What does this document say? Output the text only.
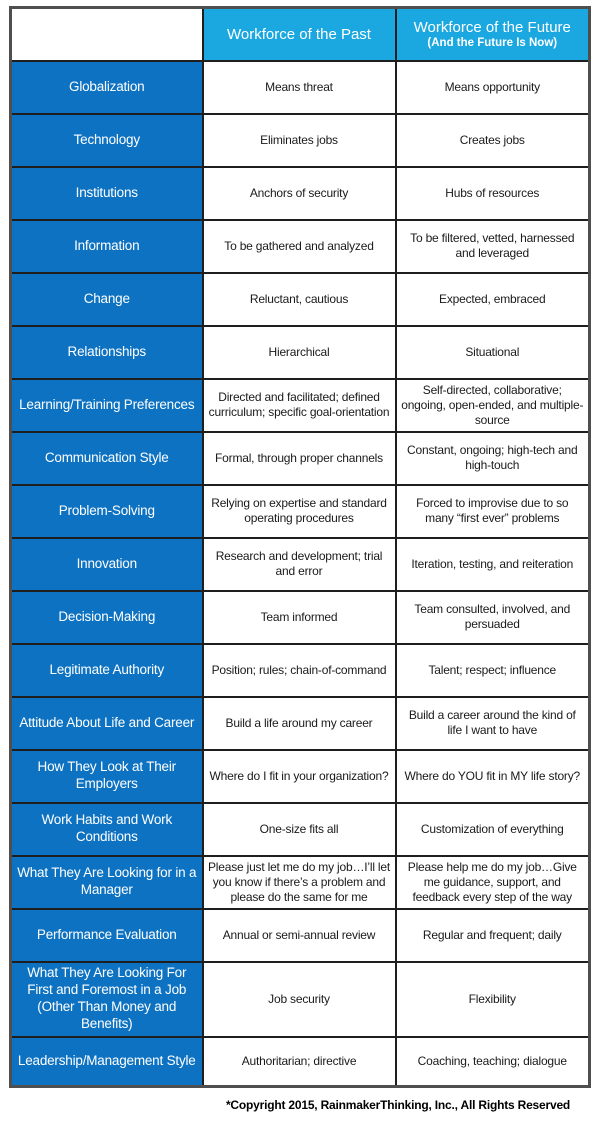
	Workforce of the Past	Workforce of the Future
(And the Future Is Now)

Globalization	Means threat	Means opportunity
Technology	Eliminates jobs	Creates jobs
Institutions	Anchors of security	Hubs of resources
Information	To be gathered and analyzed	To be filtered, vetted, harnessed and leveraged
Change	Reluctant, cautious	Expected, embraced
Relationships	Hierarchical	Situational
Learning/Training Preferences	Directed and facilitated; defined curriculum; specific goal-orientation	Self-directed, collaborative; ongoing, open-ended, and multiple-source
Communication Style	Formal, through proper channels	Constant, ongoing; high-tech and high-touch
Problem-Solving	Relying on expertise and standard operating procedures	Forced to improvise due to so many “first ever” problems
Innovation	Research and development; trial and error	Iteration, testing, and reiteration
Decision-Making	Team informed	Team consulted, involved, and persuaded
Legitimate Authority	Position; rules; chain-of-command	Talent; respect; influence
Attitude About Life and Career	Build a life around my career	Build a career around the kind of life I want to have
How They Look at Their Employers	Where do I fit in your organization?	Where do YOU fit in MY life story?
Work Habits and Work Conditions	One-size fits all	Customization of everything
What They Are Looking for in a Manager	Please just let me do my job…I’ll let you know if there’s a problem and please do the same for me	Please help me do my job…Give me guidance, support, and feedback every step of the way
Performance Evaluation	Annual or semi-annual review	Regular and frequent; daily
What They Are Looking For First and Foremost in a Job (Other Than Money and Benefits)	Job security	Flexibility
Leadership/Management Style	Authoritarian; directive	Coaching, teaching; dialogue
*Copyright 2015, RainmakerThinking, Inc., All Rights Reserved
